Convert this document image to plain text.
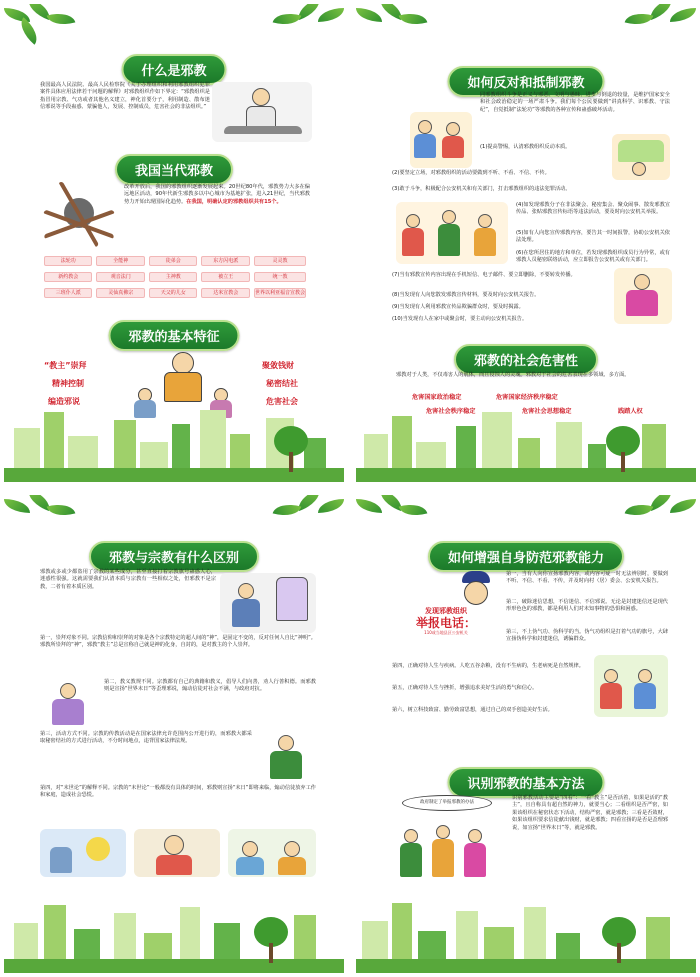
什么是邪教
我国最高人民法院、最高人民检察院《关于办理组织和利用邪教组织犯罪案件具体应用法律若干问题的解释》对邪教组织作如下界定：“邪教组织是指冒用宗教、气功或者其他名义建立，神化首要分子，利用制造、散布迷信邪说等手段蛊惑、蒙骗他人，发展、控制成员，危害社会的非法组织。”
我国当代邪教
改革开放后，我国的邪教组织逐渐发展起来。20世纪80年代，邪教势力大多在偏远地区活动，90年代新生邪教多以中心城市为基地扩张，进入21世纪，当代邪教势力开始出现国际化趋势。在我国，明确认定的邪教组织共有15个。
法轮功	全能神	徒弟会	东方闪电派	灵灵教
新约教会	观音法门	主神教	被立王	统一教
三班仆人派	灵仙真佛宗	天父的儿女	达米宣教会	世界以利亚福音宣教会
邪教的基本特征
“教主”崇拜
精神控制
编造邪说
聚敛钱财
秘密结社
危害社会
如何反对和抵制邪教
同邪教组织斗争是正义与邪恶、文明与愚昧、进步与倒退的较量，是维护国家安全和社会政治稳定的一场严肃斗争。我们每个公民要做到“讲真科学、识邪教、守法纪”，自觉抵制“法轮功”等邪教的各种宣传和蛊惑破坏活动。
(1)提高警惕，认清邪教组织反动本质。
(2)要坚定立场，对邪教组织的活动要做到不听、不看、不信、不传。
(3)敢于斗争，积极配合公安机关和有关部门，打击邪教组织的违法犯罪活动。
(4)如发现邪教分子在非法聚会、秘密集会、聚众闹事、散发邪教宣传品、张贴邪教宣传标语等违法活动，要及时向公安机关举报。
(5)如有人向您宣传邪教内容，要告其一时间报警，协助公安机关依法处理。
(6)在您所居住的地方和单位，若发现邪教组织成员行为异常，或有邪教人员秘密联络活动，应立即报告公安机关或有关部门。
(7)当有邪教宣传内容出现在手机短信、电子邮件、要立即删除，不要转发传播。
(8)当发现有人向您散发邪教宣传材料，要及时向公安机关报告。
(9)当发现有人利用邪教宣传品欺骗群众时，要及时揭露。
(10)当发现有人在家中或聚会时，要主动向公安机关报告。
邪教的社会危害性
邪教对于人类，不仅毒害人的肌体，而且侵蚀人的灵魂。邪教对于社会的危害表现在多领域、多方面。
危害国家政治稳定	危害国家经济秩序稳定
危害社会秩序稳定	危害社会思想稳定	践踏人权
邪教与宗教有什么区别
邪教或多或少都盗用了宗教的某些成分，甚至直接打着宗教旗号蛊惑人心，迷惑性很强。这就需要我们认清本质与宗教有一些相似之处，但邪教不是宗教，二者有着本质区别。
第一，崇拜对象不同。宗教信仰和崇拜的对象是各个宗教特定的超人间的“神”，是固定不变的，反对任何人自比“神明”。邪教所崇拜的“神”，邪教“教主”总是宣称自己就是神的化身，自封的，是对教主的个人崇拜。
第二，教义教规不同。宗教都有自己的典籍和教义，倡导人们向善，劝人行善积德。而邪教则是宣扬“世界末日”等歪理邪说，煽动信徒对社会不满，与政府对抗。
第三，活动方式不同。宗教的传教活动是在国家法律允许范围内公开进行的，而邪教大都采取秘密结社的方式进行活动，不分时间地点，违背国家法律法规。
第四，对“末世论”的解释不同。宗教的“末世论”一般都没有具体的时间，邪教则宣扬“末日”即将来临，煽动信徒放弃工作和家庭，造成社会恐慌。
如何增强自身防范邪教能力
发现邪教组织
举报电话：
110或当地县区公安机关
第一，当有人向你宣扬邪教内容，或内容可疑一时无法辨别时，要做到不听、不信、不看、不传，并及时向村（居）委会、公安机关报告。
第二，破除迷信思想，不信迷信、不信邪说。无论是封建迷信还是现代形形色色的邪教，都是利用人们对未知事物的恐惧和困惑。
第三，不上伪气功、伪科学的当。伪气功组织是打着气功的旗号，大肆宣扬伪科学和封建迷信，诱骗群众。
第四，正确对待人生与疾病。人吃五谷杂粮，没有不生病的，生老病死是自然规律。
第五，正确对待人生与挫折，增强追求美好生活的勇气和信心。
第六，树立科技致富、勤劳致富思想，通过自己的双手创造美好生活。
识别邪教的基本方法
政府制定了举报邪教的办法
识别邪教活动主要是“四看”：一看“教主”是否活着，如果是活的“教主”，且自称具有超自然的神力，就要当心；二看组织是否严密，如果该组织在秘密状态下活动，结构严密，就是邪教；三看是否敛财，如果该组织要求信徒献出钱财，就是邪教；四看宣扬的是否是歪理邪说，如宣扬“世界末日”等，就是邪教。
